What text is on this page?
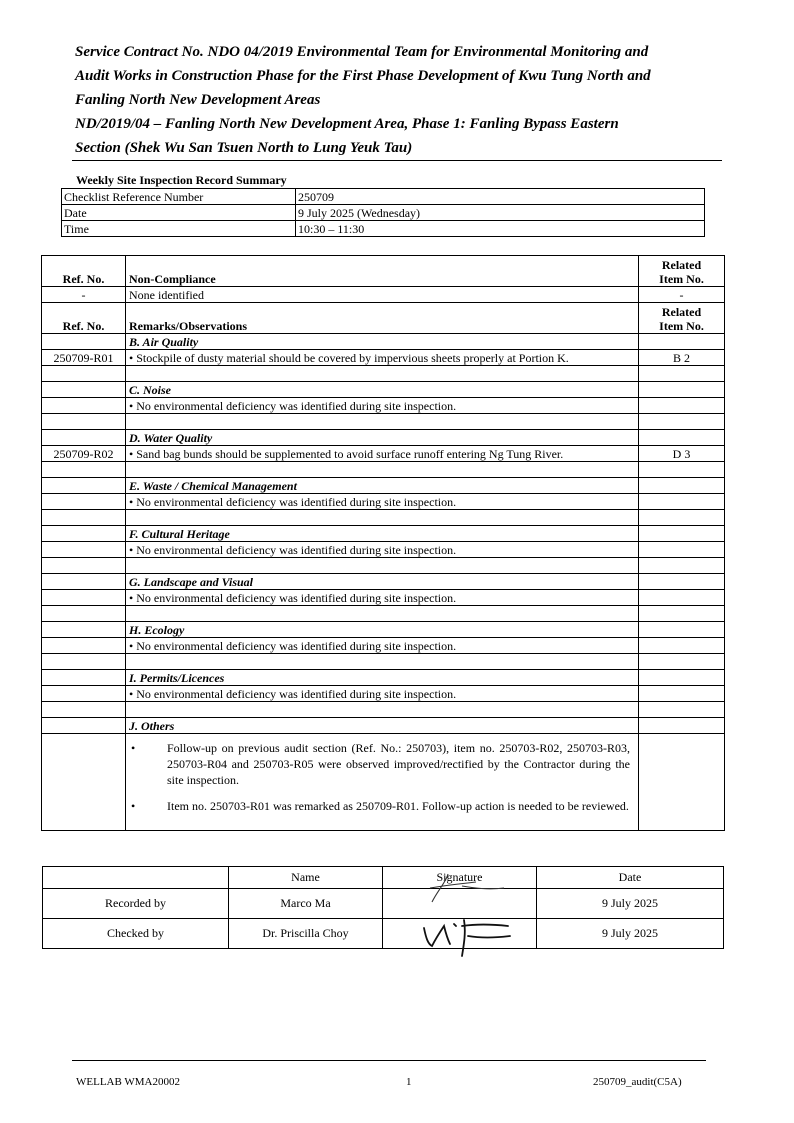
Service Contract No. NDO 04/2019 Environmental Team for Environmental Monitoring and
Audit Works in Construction Phase for the First Phase Development of Kwu Tung North and
Fanling North New Development Areas
ND/2019/04 – Fanling North New Development Area, Phase 1: Fanling Bypass Eastern
Section (Shek Wu San Tsuen North to Lung Yeuk Tau)
Weekly Site Inspection Record Summary
Checklist Reference Number	250709
Date	9 July 2025 (Wednesday)
Time	10:30 – 11:30
Ref. No.	Non-Compliance	Related
Item No.
-	None identified	-
Ref. No.	Remarks/Observations	Related
Item No.
	B. Air Quality	
250709-R01	• Stockpile of dusty material should be covered by impervious sheets properly at Portion K.	B 2

	C. Noise	
	• No environmental deficiency was identified during site inspection.	

	D. Water Quality	
250709-R02	• Sand bag bunds should be supplemented to avoid surface runoff entering Ng Tung River.	D 3

	E. Waste / Chemical Management	
	• No environmental deficiency was identified during site inspection.	

	F. Cultural Heritage	
	• No environmental deficiency was identified during site inspection.	

	G. Landscape and Visual	
	• No environmental deficiency was identified during site inspection.	

	H. Ecology	
	• No environmental deficiency was identified during site inspection.	

	I. Permits/Licences	
	• No environmental deficiency was identified during site inspection.	

	J. Others	

	• Follow-up on previous audit section (Ref. No.: 250703), item no. 250703-R02, 250703-R03, 250703-R04 and 250703-R05 were observed improved/rectified by the Contractor during the site inspection.
• Item no. 250703-R01 was remarked as 250709-R01. Follow-up action is needed to be reviewed.	

WELLAB WMA20002	1	250709_audit(C5A)
	Name	Signature	Date
Recorded by	Marco Ma		9 July 2025
Checked by	Dr. Priscilla Choy		9 July 2025
